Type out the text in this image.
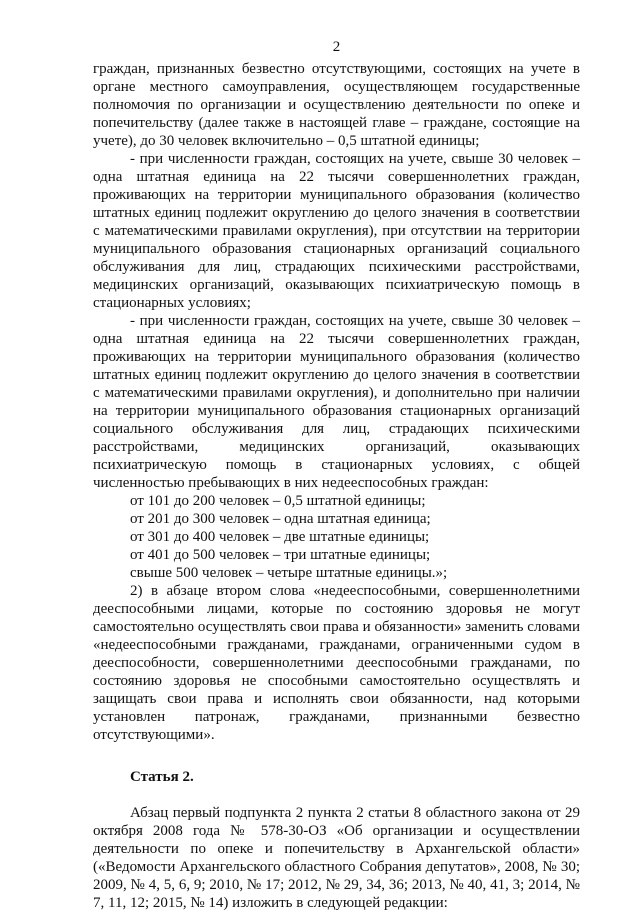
2

граждан, признанных безвестно отсутствующими, состоящих на учете в органе местного самоуправления, осуществляющем государственные полномочия по организации и осуществлению деятельности по опеке и попечительству (далее также в настоящей главе – граждане, состоящие на учете), до 30 человек включительно – 0,5 штатной единицы;

- при численности граждан, состоящих на учете, свыше 30 человек – одна штатная единица на 22 тысячи совершеннолетних граждан, проживающих на территории муниципального образования (количество штатных единиц подлежит округлению до целого значения в соответствии с математическими правилами округления), при отсутствии на территории муниципального образования стационарных организаций социального обслуживания для лиц, страдающих психическими расстройствами, медицинских организаций, оказывающих психиатрическую помощь в стационарных условиях;

- при численности граждан, состоящих на учете, свыше 30 человек – одна штатная единица на 22 тысячи совершеннолетних граждан, проживающих на территории муниципального образования (количество штатных единиц подлежит округлению до целого значения в соответствии с математическими правилами округления), и дополнительно при наличии на территории муниципального образования стационарных организаций социального обслуживания для лиц, страдающих психическими расстройствами, медицинских организаций, оказывающих психиатрическую помощь в стационарных условиях, с общей численностью пребывающих в них недееспособных граждан:

от 101 до 200 человек – 0,5 штатной единицы;

от 201 до 300 человек – одна штатная единица;

от 301 до 400 человек – две штатные единицы;

от 401 до 500 человек – три штатные единицы;

свыше 500 человек – четыре штатные единицы.»;

2) в абзаце втором слова «недееспособными, совершеннолетними дееспособными лицами, которые по состоянию здоровья не могут самостоятельно осуществлять свои права и обязанности» заменить словами «недееспособными гражданами, гражданами, ограниченными судом в дееспособности, совершеннолетними дееспособными гражданами, по состоянию здоровья не способными самостоятельно осуществлять и защищать свои права и исполнять свои обязанности, над которыми установлен патронаж, гражданами, признанными безвестно отсутствующими».

Статья 2.

Абзац первый подпункта 2 пункта 2 статьи 8 областного закона от 29 октября 2008 года № 578-30-ОЗ «Об организации и осуществлении деятельности по опеке и попечительству в Архангельской области» («Ведомости Архангельского областного Собрания депутатов», 2008, № 30; 2009, № 4, 5, 6, 9; 2010, № 17; 2012, № 29, 34, 36; 2013, № 40, 41, 3; 2014, № 7, 11, 12; 2015, № 14) изложить в следующей редакции:
